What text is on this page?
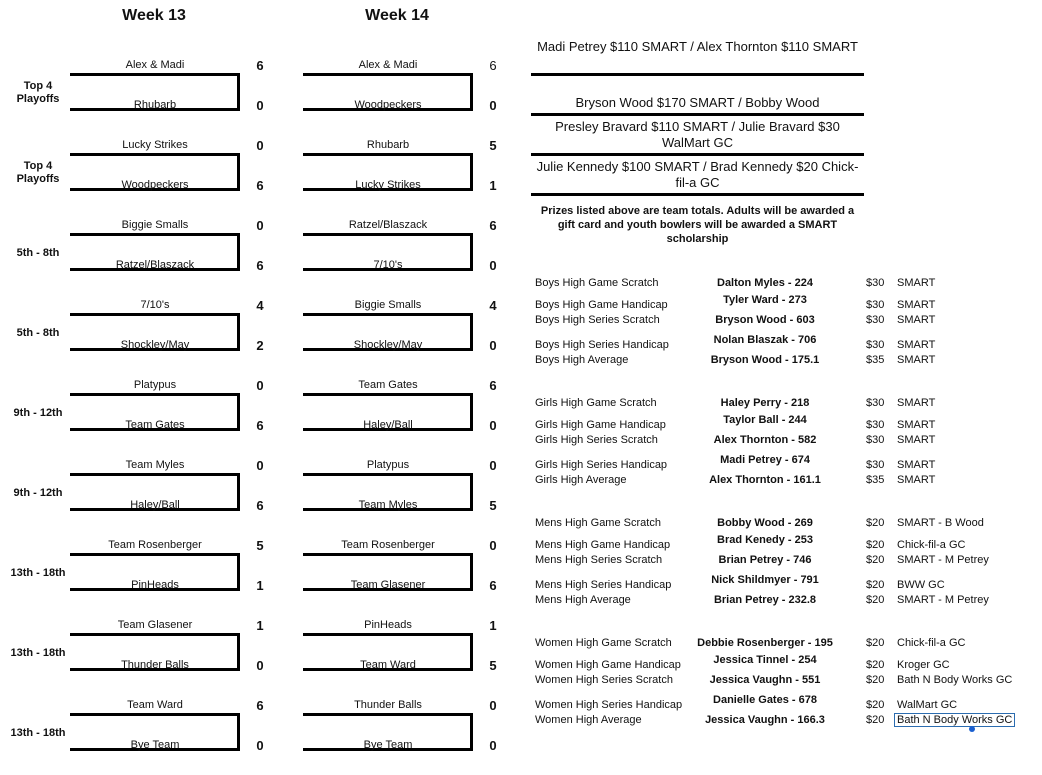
Week 13	Week 14
Top 4 Playoffs
Alex & Madi
Rhubarb
6
0
Alex & Madi
Woodpeckers
6
0
Top 4 Playoffs
Lucky Strikes
Woodpeckers
0
6
Rhubarb
Lucky Strikes
5
1
5th - 8th
Biggie Smalls
Ratzel/Blaszack
0
6
Ratzel/Blaszack
7/10's
6
0
5th - 8th
7/10's
Shockley/May
4
2
Biggie Smalls
Shockley/May
4
0
9th - 12th
Platypus
Team Gates
0
6
Team Gates
Haley/Ball
6
0
9th - 12th
Team Myles
Haley/Ball
0
6
Platypus
Team Myles
0
5
13th - 18th
Team Rosenberger
PinHeads
5
1
Team Rosenberger
Team Glasener
0
6
13th - 18th
Team Glasener
Thunder Balls
1
0
PinHeads
Team Ward
1
5
13th - 18th
Team Ward
Bye Team
6
0
Thunder Balls
Bye Team
0
0
Madi Petrey $110 SMART / Alex Thornton $110 SMART
Bryson Wood $170 SMART / Bobby Wood
Presley Bravard $110 SMART / Julie Bravard $30 WalMart GC
Julie Kennedy $100 SMART / Brad Kennedy $20 Chick-fil-a GC
Prizes listed above are team totals. Adults will be awarded a gift card and youth bowlers will be awarded a SMART scholarship
Boys High Game Scratch	Dalton Myles - 224	$30 SMART
Boys High Game Handicap	Tyler Ward - 273	$30 SMART
Boys High Series Scratch	Bryson Wood - 603	$30 SMART
Boys High Series Handicap	Nolan Blaszak - 706	$30 SMART
Boys High Average	Bryson Wood - 175.1	$35 SMART
Girls High Game Scratch	Haley Perry - 218	$30 SMART
Girls High Game Handicap	Taylor Ball - 244	$30 SMART
Girls High Series Scratch	Alex Thornton - 582	$30 SMART
Girls High Series Handicap	Madi Petrey - 674	$30 SMART
Girls High Average	Alex Thornton - 161.1	$35 SMART
Mens High Game Scratch	Bobby Wood - 269	$20 SMART - B Wood
Mens High Game Handicap	Brad Kenedy - 253	$20 Chick-fil-a GC
Mens High Series Scratch	Brian Petrey - 746	$20 SMART - M Petrey
Mens High Series Handicap	Nick Shildmyer - 791	$20 BWW GC
Mens High Average	Brian Petrey - 232.8	$20 SMART - M Petrey
Women High Game Scratch Debbie Rosenberger - 195	$20 Chick-fil-a GC
Women High Game Handicap	Jessica Tinnel - 254	$20 Kroger GC
Women High Series Scratch	Jessica Vaughn - 551	$20 Bath N Body Works GC
Women High Series Handicap	Danielle Gates - 678	$20 WalMart GC
Women High Average	Jessica Vaughn - 166.3	$20 Bath N Body Works GC
